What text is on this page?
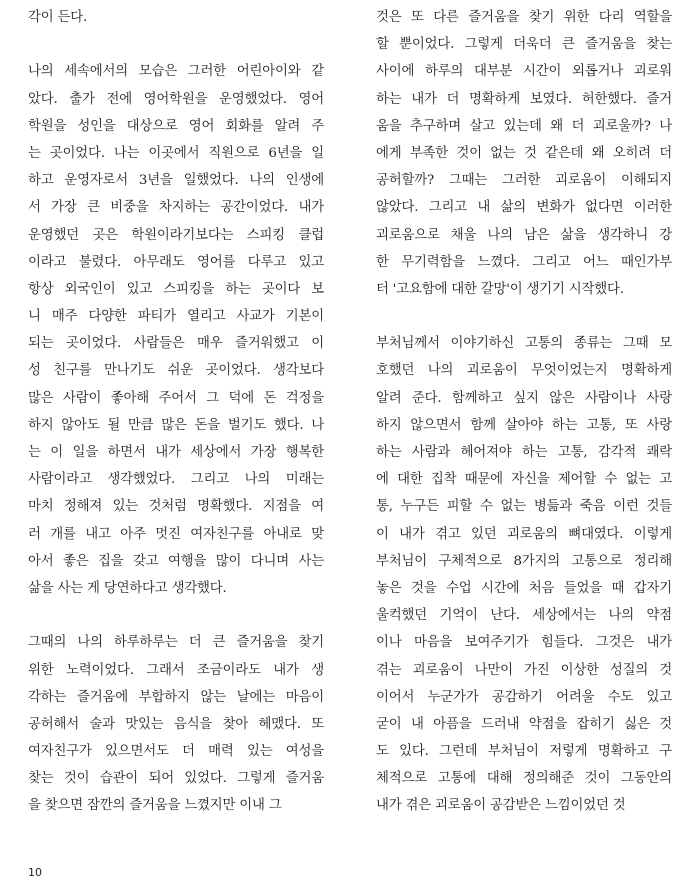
각이 든다.
나의 세속에서의 모습은 그러한 어린아이와 같
았다. 출가 전에 영어학원을 운영했었다. 영어
학원을 성인을 대상으로 영어 회화를 알려 주
는 곳이었다. 나는 이곳에서 직원으로 6년을 일
하고 운영자로서 3년을 일했었다. 나의 인생에
서 가장 큰 비중을 차지하는 공간이었다. 내가
운영했던 곳은 학원이라기보다는 스피킹 클럽
이라고 불렸다. 아무래도 영어를 다루고 있고
항상 외국인이 있고 스피킹을 하는 곳이다 보
니 매주 다양한 파티가 열리고 사교가 기본이
되는 곳이었다. 사람들은 매우 즐거워했고 이
성 친구를 만나기도 쉬운 곳이었다. 생각보다
많은 사람이 좋아해 주어서 그 덕에 돈 걱정을
하지 않아도 될 만큼 많은 돈을 벌기도 했다. 나
는 이 일을 하면서 내가 세상에서 가장 행복한
사람이라고 생각했었다. 그리고 나의 미래는
마치 정해져 있는 것처럼 명확했다. 지점을 여
러 개를 내고 아주 멋진 여자친구를 아내로 맞
아서 좋은 집을 갖고 여행을 많이 다니며 사는
삶을 사는 게 당연하다고 생각했다.
그때의 나의 하루하루는 더 큰 즐거움을 찾기
위한 노력이었다. 그래서 조금이라도 내가 생
각하는 즐거움에 부합하지 않는 날에는 마음이
공허해서 술과 맛있는 음식을 찾아 헤맸다. 또
여자친구가 있으면서도 더 매력 있는 여성을
찾는 것이 습관이 되어 있었다. 그렇게 즐거움
을 찾으면 잠깐의 즐거움을 느꼈지만 이내 그
것은 또 다른 즐거움을 찾기 위한 다리 역할을
할 뿐이었다. 그렇게 더욱더 큰 즐거움을 찾는
사이에 하루의 대부분 시간이 외롭거나 괴로워
하는 내가 더 명확하게 보였다. 허한했다. 즐거
움을 추구하며 살고 있는데 왜 더 괴로울까? 나
에게 부족한 것이 없는 것 같은데 왜 오히려 더
공허할까? 그때는 그러한 괴로움이 이해되지
않았다. 그리고 내 삶의 변화가 없다면 이러한
괴로움으로 채울 나의 남은 삶을 생각하니 강
한 무기력함을 느꼈다. 그리고 어느 때인가부
터 '고요함에 대한 갈망'이 생기기 시작했다.
부처님께서 이야기하신 고통의 종류는 그때 모
호했던 나의 괴로움이 무엇이었는지 명확하게
알려 준다. 함께하고 싶지 않은 사람이나 사랑
하지 않으면서 함께 살아야 하는 고통, 또 사랑
하는 사람과 헤어져야 하는 고통, 감각적 쾌락
에 대한 집착 때문에 자신을 제어할 수 없는 고
통, 누구든 피할 수 없는 병듦과 죽음 이런 것들
이 내가 겪고 있던 괴로움의 뼈대였다. 이렇게
부처님이 구체적으로 8가지의 고통으로 정리해
놓은 것을 수업 시간에 처음 들었을 때 갑자기
울컥했던 기억이 난다. 세상에서는 나의 약점
이나 마음을 보여주기가 힘들다. 그것은 내가
겪는 괴로움이 나만이 가진 이상한 성질의 것
이어서 누군가가 공감하기 어려울 수도 있고
굳이 내 아픔을 드러내 약점을 잡히기 싫은 것
도 있다. 그런데 부처님이 저렇게 명확하고 구
체적으로 고통에 대해 정의해준 것이 그동안의
내가 겪은 괴로움이 공감받은 느낌이었던 것
10
